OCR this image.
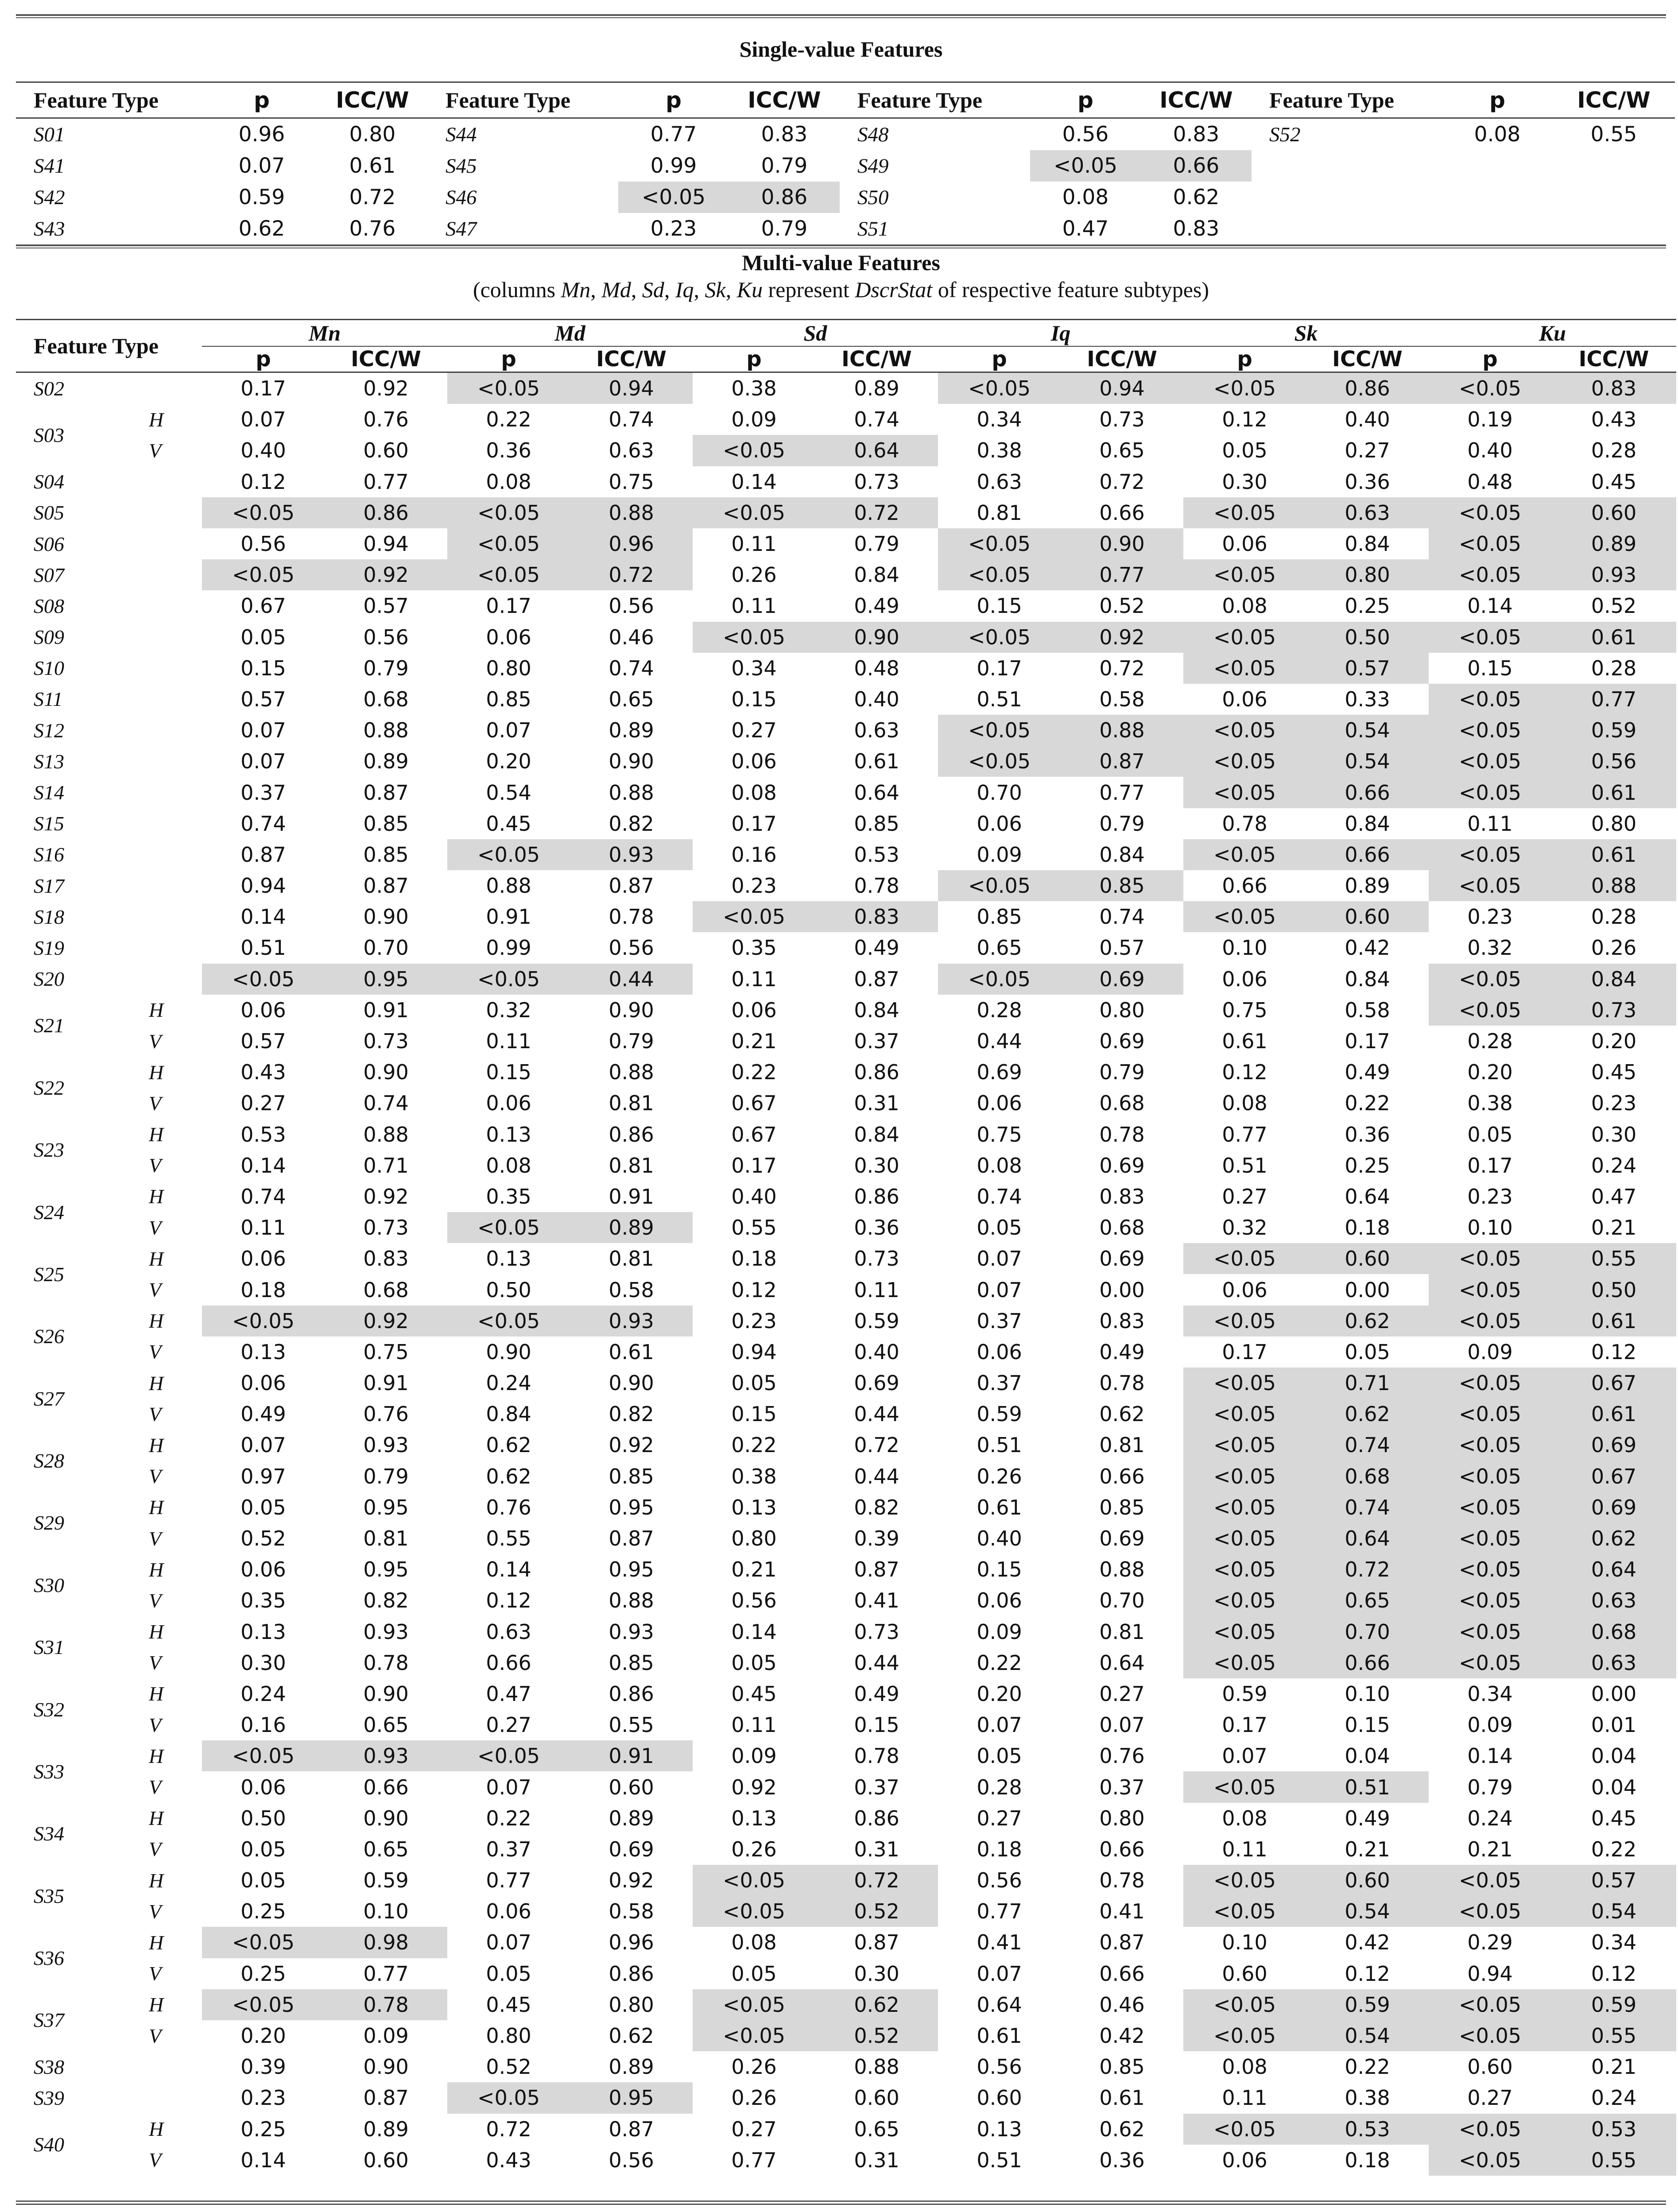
Single-value Features
Feature Type	p	ICC/W	Feature Type	p	ICC/W	Feature Type	p	ICC/W	Feature Type	p	ICC/W
S01	0.96	0.80	S44	0.77	0.83	S48	0.56	0.83	S52	0.08	0.55

S41	0.07	0.61	S45	0.99	0.79	S49	<0.05	0.66			

S42	0.59	0.72	S46	<0.05	0.86	S50	0.08	0.62			

S43	0.62	0.76	S47	0.23	0.79	S51	0.47	0.83			

Multi-value Features
(columns Mn, Md, Sd, Iq, Sk, Ku represent DscrStat of respective feature subtypes)
Feature Type		Mn		Md		Sd		Iq		Sk		Ku	
		p	ICC/W	p	ICC/W	p	ICC/W	p	ICC/W	p	ICC/W	p	ICC/W
S02		0.17	0.92	<0.05	0.94	0.38	0.89	<0.05	0.94	<0.05	0.86	<0.05	0.83

S03	H	0.07	0.76	0.22	0.74	0.09	0.74	0.34	0.73	0.12	0.40	0.19	0.43

	V	0.40	0.60	0.36	0.63	<0.05	0.64	0.38	0.65	0.05	0.27	0.40	0.28

S04		0.12	0.77	0.08	0.75	0.14	0.73	0.63	0.72	0.30	0.36	0.48	0.45

S05		<0.05	0.86	<0.05	0.88	<0.05	0.72	0.81	0.66	<0.05	0.63	<0.05	0.60

S06		0.56	0.94	<0.05	0.96	0.11	0.79	<0.05	0.90	0.06	0.84	<0.05	0.89

S07		<0.05	0.92	<0.05	0.72	0.26	0.84	<0.05	0.77	<0.05	0.80	<0.05	0.93

S08		0.67	0.57	0.17	0.56	0.11	0.49	0.15	0.52	0.08	0.25	0.14	0.52

S09		0.05	0.56	0.06	0.46	<0.05	0.90	<0.05	0.92	<0.05	0.50	<0.05	0.61

S10		0.15	0.79	0.80	0.74	0.34	0.48	0.17	0.72	<0.05	0.57	0.15	0.28

S11		0.57	0.68	0.85	0.65	0.15	0.40	0.51	0.58	0.06	0.33	<0.05	0.77

S12		0.07	0.88	0.07	0.89	0.27	0.63	<0.05	0.88	<0.05	0.54	<0.05	0.59

S13		0.07	0.89	0.20	0.90	0.06	0.61	<0.05	0.87	<0.05	0.54	<0.05	0.56

S14		0.37	0.87	0.54	0.88	0.08	0.64	0.70	0.77	<0.05	0.66	<0.05	0.61

S15		0.74	0.85	0.45	0.82	0.17	0.85	0.06	0.79	0.78	0.84	0.11	0.80

S16		0.87	0.85	<0.05	0.93	0.16	0.53	0.09	0.84	<0.05	0.66	<0.05	0.61

S17		0.94	0.87	0.88	0.87	0.23	0.78	<0.05	0.85	0.66	0.89	<0.05	0.88

S18		0.14	0.90	0.91	0.78	<0.05	0.83	0.85	0.74	<0.05	0.60	0.23	0.28

S19		0.51	0.70	0.99	0.56	0.35	0.49	0.65	0.57	0.10	0.42	0.32	0.26

S20		<0.05	0.95	<0.05	0.44	0.11	0.87	<0.05	0.69	0.06	0.84	<0.05	0.84

S21	H	0.06	0.91	0.32	0.90	0.06	0.84	0.28	0.80	0.75	0.58	<0.05	0.73

	V	0.57	0.73	0.11	0.79	0.21	0.37	0.44	0.69	0.61	0.17	0.28	0.20

S22	H	0.43	0.90	0.15	0.88	0.22	0.86	0.69	0.79	0.12	0.49	0.20	0.45

	V	0.27	0.74	0.06	0.81	0.67	0.31	0.06	0.68	0.08	0.22	0.38	0.23

S23	H	0.53	0.88	0.13	0.86	0.67	0.84	0.75	0.78	0.77	0.36	0.05	0.30

	V	0.14	0.71	0.08	0.81	0.17	0.30	0.08	0.69	0.51	0.25	0.17	0.24

S24	H	0.74	0.92	0.35	0.91	0.40	0.86	0.74	0.83	0.27	0.64	0.23	0.47

	V	0.11	0.73	<0.05	0.89	0.55	0.36	0.05	0.68	0.32	0.18	0.10	0.21

S25	H	0.06	0.83	0.13	0.81	0.18	0.73	0.07	0.69	<0.05	0.60	<0.05	0.55

	V	0.18	0.68	0.50	0.58	0.12	0.11	0.07	0.00	0.06	0.00	<0.05	0.50

S26	H	<0.05	0.92	<0.05	0.93	0.23	0.59	0.37	0.83	<0.05	0.62	<0.05	0.61

	V	0.13	0.75	0.90	0.61	0.94	0.40	0.06	0.49	0.17	0.05	0.09	0.12

S27	H	0.06	0.91	0.24	0.90	0.05	0.69	0.37	0.78	<0.05	0.71	<0.05	0.67

	V	0.49	0.76	0.84	0.82	0.15	0.44	0.59	0.62	<0.05	0.62	<0.05	0.61

S28	H	0.07	0.93	0.62	0.92	0.22	0.72	0.51	0.81	<0.05	0.74	<0.05	0.69

	V	0.97	0.79	0.62	0.85	0.38	0.44	0.26	0.66	<0.05	0.68	<0.05	0.67

S29	H	0.05	0.95	0.76	0.95	0.13	0.82	0.61	0.85	<0.05	0.74	<0.05	0.69

	V	0.52	0.81	0.55	0.87	0.80	0.39	0.40	0.69	<0.05	0.64	<0.05	0.62

S30	H	0.06	0.95	0.14	0.95	0.21	0.87	0.15	0.88	<0.05	0.72	<0.05	0.64

	V	0.35	0.82	0.12	0.88	0.56	0.41	0.06	0.70	<0.05	0.65	<0.05	0.63

S31	H	0.13	0.93	0.63	0.93	0.14	0.73	0.09	0.81	<0.05	0.70	<0.05	0.68

	V	0.30	0.78	0.66	0.85	0.05	0.44	0.22	0.64	<0.05	0.66	<0.05	0.63

S32	H	0.24	0.90	0.47	0.86	0.45	0.49	0.20	0.27	0.59	0.10	0.34	0.00

	V	0.16	0.65	0.27	0.55	0.11	0.15	0.07	0.07	0.17	0.15	0.09	0.01

S33	H	<0.05	0.93	<0.05	0.91	0.09	0.78	0.05	0.76	0.07	0.04	0.14	0.04

	V	0.06	0.66	0.07	0.60	0.92	0.37	0.28	0.37	<0.05	0.51	0.79	0.04

S34	H	0.50	0.90	0.22	0.89	0.13	0.86	0.27	0.80	0.08	0.49	0.24	0.45

	V	0.05	0.65	0.37	0.69	0.26	0.31	0.18	0.66	0.11	0.21	0.21	0.22

S35	H	0.05	0.59	0.77	0.92	<0.05	0.72	0.56	0.78	<0.05	0.60	<0.05	0.57

	V	0.25	0.10	0.06	0.58	<0.05	0.52	0.77	0.41	<0.05	0.54	<0.05	0.54

S36	H	<0.05	0.98	0.07	0.96	0.08	0.87	0.41	0.87	0.10	0.42	0.29	0.34

	V	0.25	0.77	0.05	0.86	0.05	0.30	0.07	0.66	0.60	0.12	0.94	0.12

S37	H	<0.05	0.78	0.45	0.80	<0.05	0.62	0.64	0.46	<0.05	0.59	<0.05	0.59

	V	0.20	0.09	0.80	0.62	<0.05	0.52	0.61	0.42	<0.05	0.54	<0.05	0.55

S38		0.39	0.90	0.52	0.89	0.26	0.88	0.56	0.85	0.08	0.22	0.60	0.21

S39		0.23	0.87	<0.05	0.95	0.26	0.60	0.60	0.61	0.11	0.38	0.27	0.24

S40	H	0.25	0.89	0.72	0.87	0.27	0.65	0.13	0.62	<0.05	0.53	<0.05	0.53

	V	0.14	0.60	0.43	0.56	0.77	0.31	0.51	0.36	0.06	0.18	<0.05	0.55
